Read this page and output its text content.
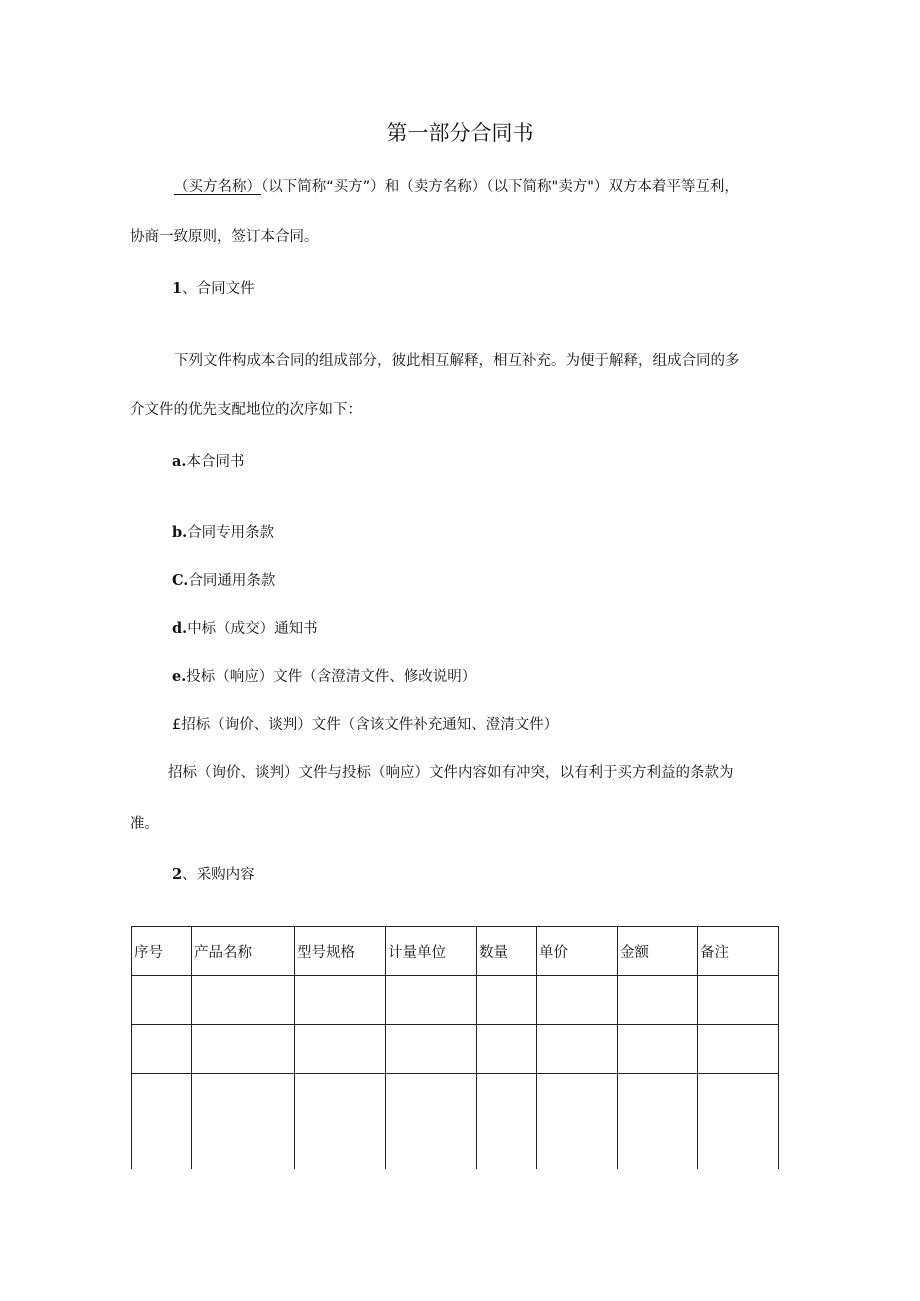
第一部分合同书
（买方名称）（以下简称“买方”）和（卖方名称）（以下简称"卖方"）双方本着平等互利，
协商一致原则，签订本合同。
1、合同文件
下列文件构成本合同的组成部分，彼此相互解释，相互补充。为便于解释，组成合同的多
介文件的优先支配地位的次序如下：
a.本合同书
b.合同专用条款
C.合同通用条款
d.中标（成交）通知书
e.投标（响应）文件（含澄清文件、修改说明）
£招标（询价、谈判）文件（含该文件补充通知、澄清文件）
招标（询价、谈判）文件与投标（响应）文件内容如有冲突，以有利于买方利益的条款为
准。
2、采购内容
序号	产品名称	型号规格	计量单位	数量	单价	金额	备注
